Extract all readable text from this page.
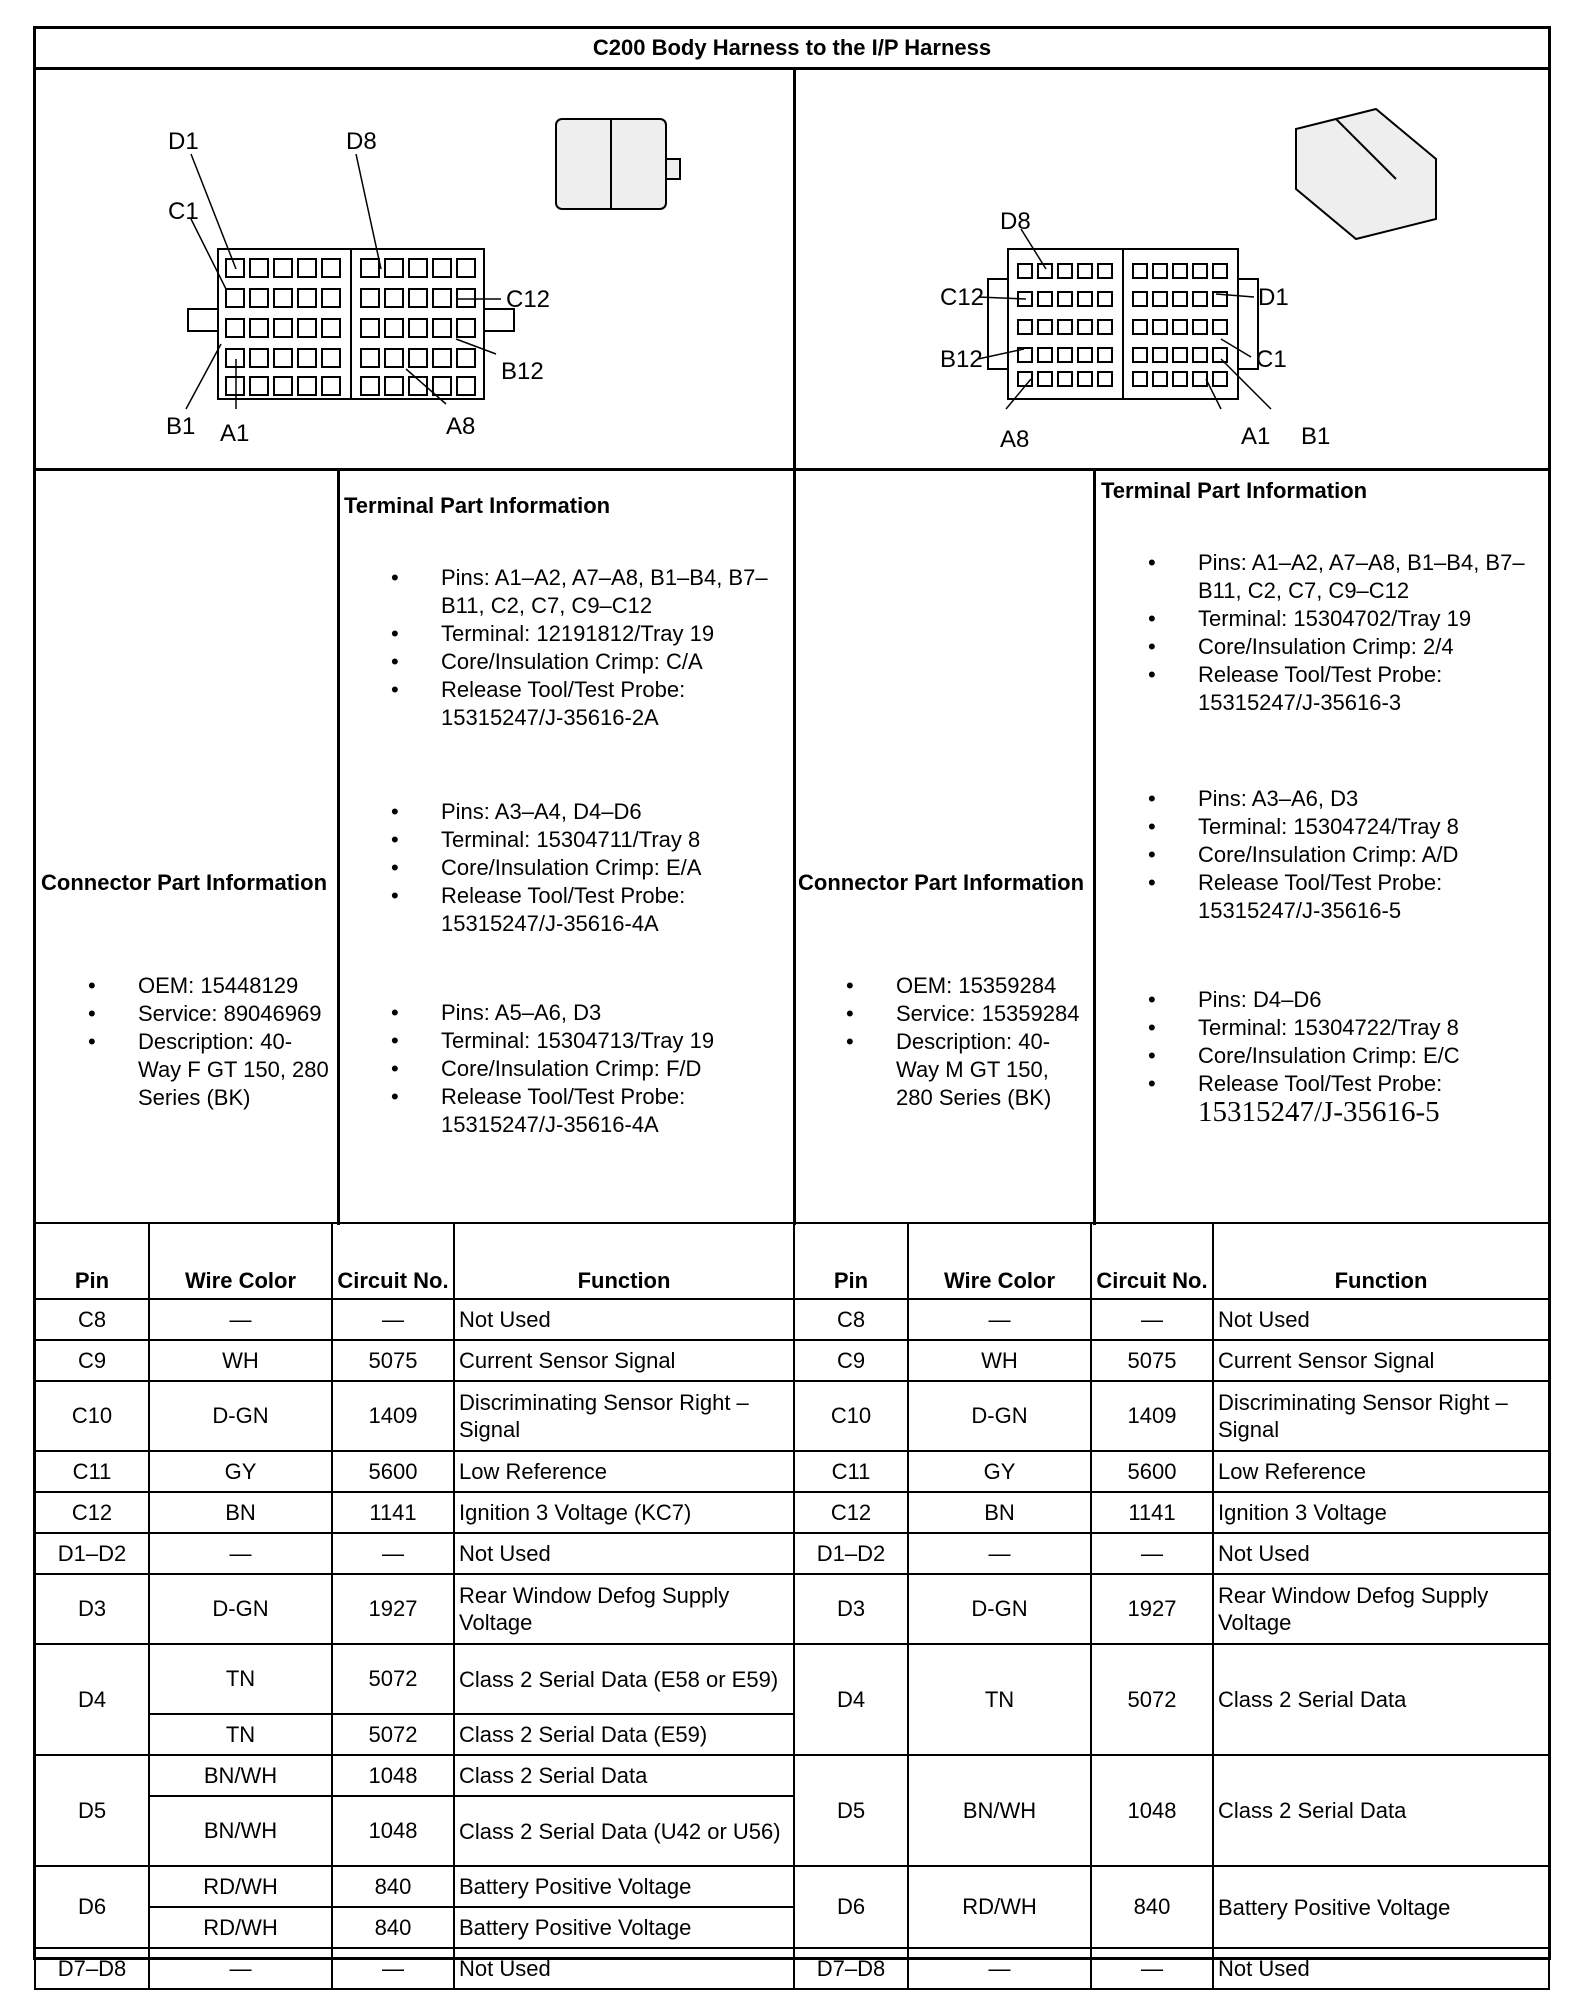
C200 Body Harness to the I/P Harness
D1	D8
C1
C12
B12
B1 A1	A8
D8
C12
B12
A8
D1
C1
A1 B1
Connector Part Information
• OEM: 15448129
• Service: 89046969
• Description: 40-Way F GT 150, 280 Series (BK)
Terminal Part Information
• Pins: A1–A2, A7–A8, B1–B4, B7–B11, C2, C7, C9–C12
• Terminal: 12191812/Tray 19
• Core/Insulation Crimp: C/A
• Release Tool/Test Probe: 15315247/J-35616-2A
• Pins: A3–A4, D4–D6
• Terminal: 15304711/Tray 8
• Core/Insulation Crimp: E/A
• Release Tool/Test Probe: 15315247/J-35616-4A
• Pins: A5–A6, D3
• Terminal: 15304713/Tray 19
• Core/Insulation Crimp: F/D
• Release Tool/Test Probe: 15315247/J-35616-4A
Connector Part Information
• OEM: 15359284
• Service: 15359284
• Description: 40-Way M GT 150, 280 Series (BK)
Terminal Part Information
• Pins: A1–A2, A7–A8, B1–B4, B7–B11, C2, C7, C9–C12
• Terminal: 15304702/Tray 19
• Core/Insulation Crimp: 2/4
• Release Tool/Test Probe: 15315247/J-35616-3
• Pins: A3–A6, D3
• Terminal: 15304724/Tray 8
• Core/Insulation Crimp: A/D
• Release Tool/Test Probe: 15315247/J-35616-5
• Pins: D4–D6
• Terminal: 15304722/Tray 8
• Core/Insulation Crimp: E/C
• Release Tool/Test Probe:
15315247/J-35616-5
Pin	Wire Color	Circuit No.	Function
C8	—	—	Not Used
C9	WH	5075	Current Sensor Signal
C10	D-GN	1409	Discriminating Sensor Right – Signal
C11	GY	5600	Low Reference
C12	BN	1141	Ignition 3 Voltage (KC7)
D1–D2	—	—	Not Used
D3	D-GN	1927	Rear Window Defog Supply Voltage
D4	TN	5072	Class 2 Serial Data (E58 or E59)
	TN	5072	Class 2 Serial Data (E59)
D5	BN/WH	1048	Class 2 Serial Data
	BN/WH	1048	Class 2 Serial Data (U42 or U56)
D6	RD/WH	840	Battery Positive Voltage
	RD/WH	840	Battery Positive Voltage
D7–D8	—	—	Not Used
Pin	Wire Color	Circuit No.	Function
C8	—	—	Not Used
C9	WH	5075	Current Sensor Signal
C10	D-GN	1409	Discriminating Sensor Right – Signal
C11	GY	5600	Low Reference
C12	BN	1141	Ignition 3 Voltage
D1–D2	—	—	Not Used
D3	D-GN	1927	Rear Window Defog Supply Voltage
D4	TN	5072	Class 2 Serial Data
D5	BN/WH	1048	Class 2 Serial Data
D6	RD/WH	840	Battery Positive Voltage
D7–D8	—	—	Not Used
